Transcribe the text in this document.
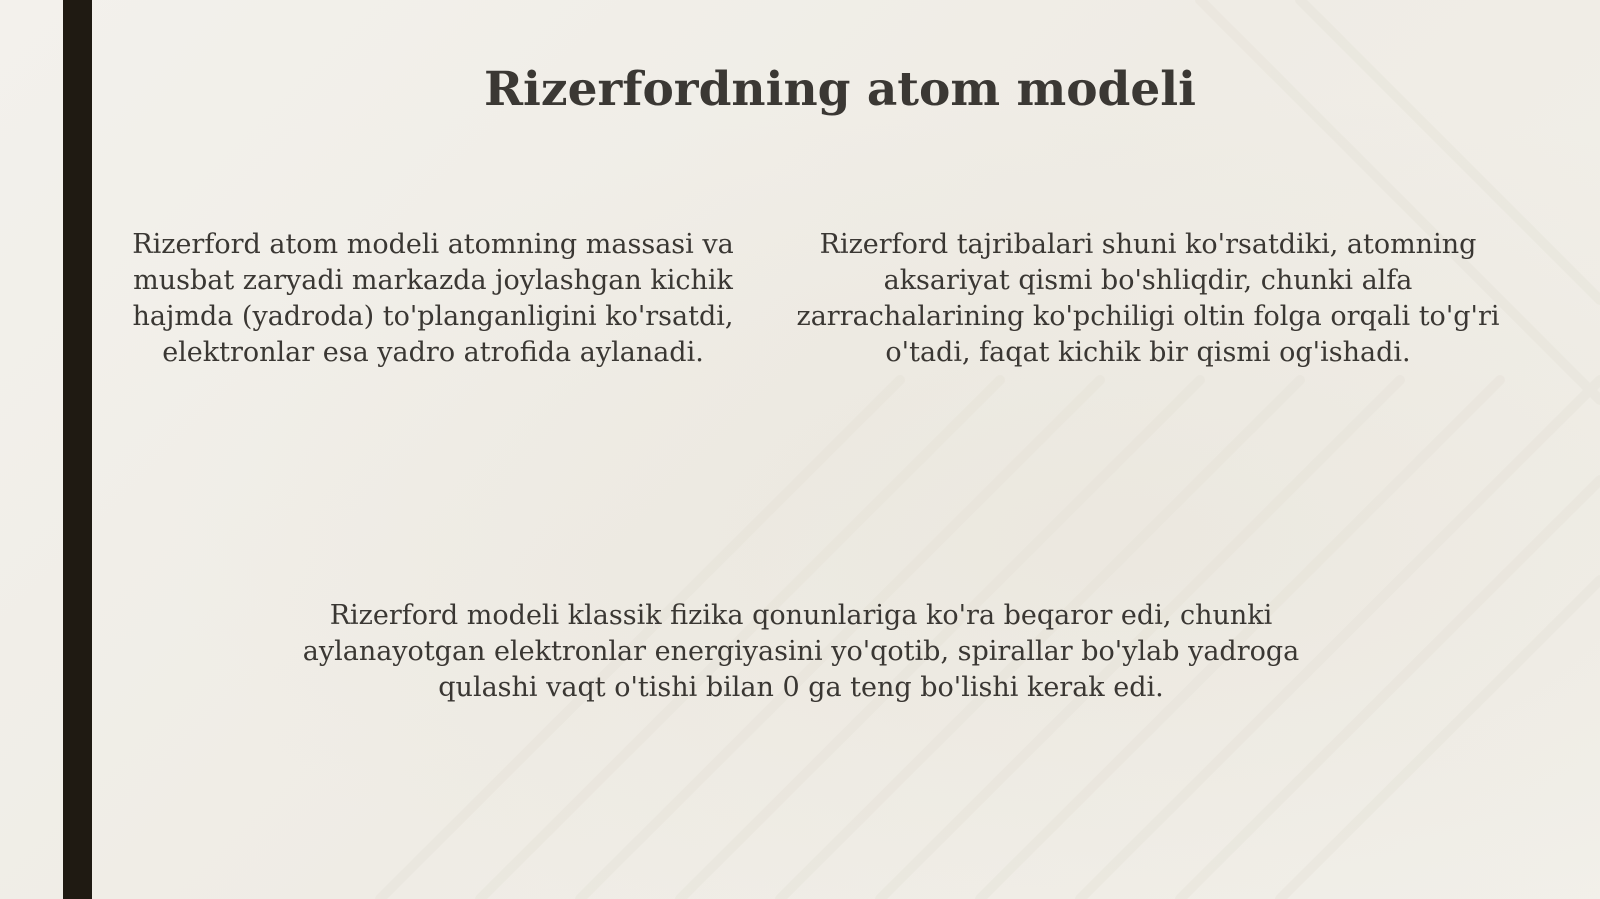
Rizerfordning atom modeli

Rizerford atom modeli atomning massasi va musbat zaryadi markazda joylashgan kichik hajmda (yadroda) to'planganligini ko'rsatdi, elektronlar esa yadro atrofida aylanadi.

Rizerford tajribalari shuni ko'rsatdiki, atomning aksariyat qismi bo'shliqdir, chunki alfa zarrachalarining ko'pchiligi oltin folga orqali to'g'ri o'tadi, faqat kichik bir qismi og'ishadi.

Rizerford modeli klassik fizika qonunlariga ko'ra beqaror edi, chunki aylanayotgan elektronlar energiyasini yo'qotib, spirallar bo'ylab yadroga qulashi vaqt o'tishi bilan 0 ga teng bo'lishi kerak edi.
